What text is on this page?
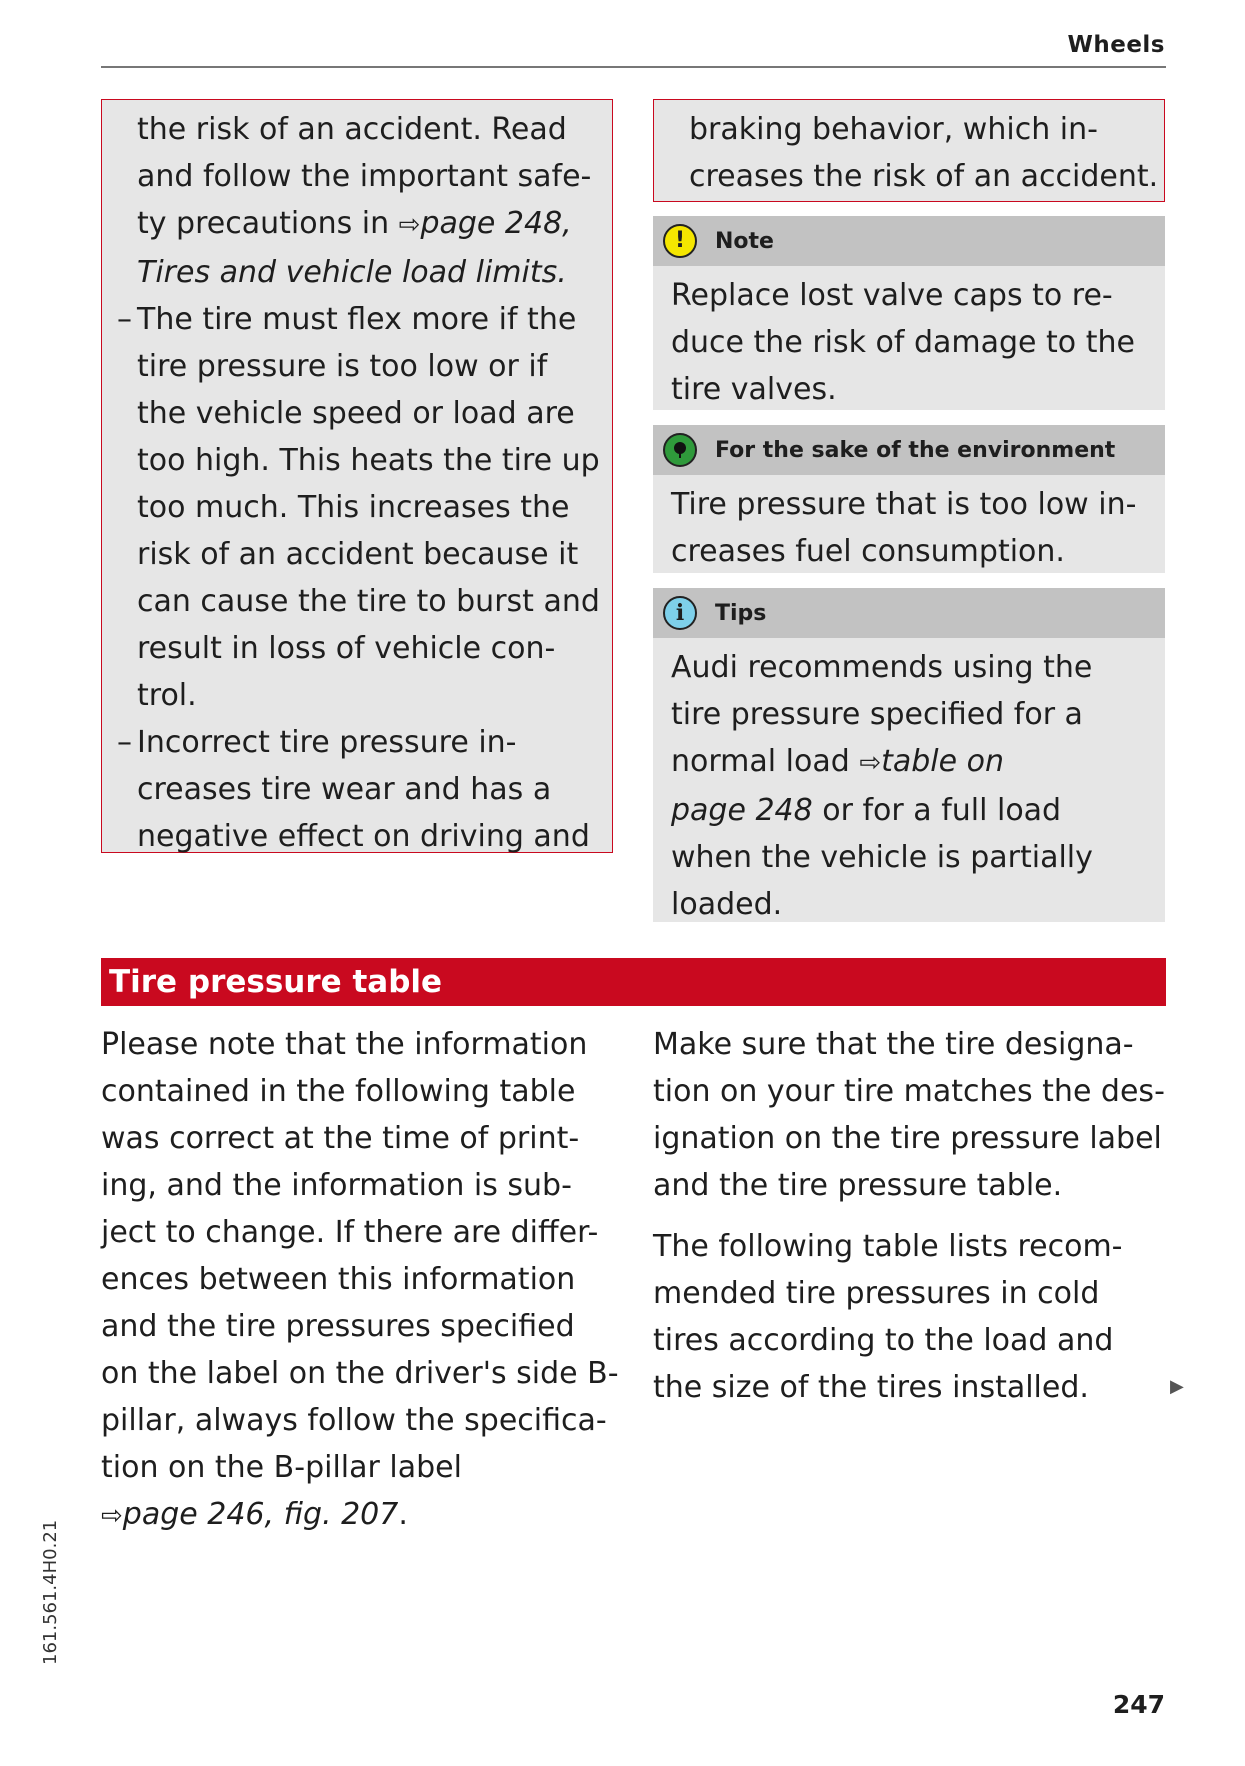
Wheels

the risk of an accident. Read

and follow the important safe-

ty precautions in ⇨page 248,

Tires and vehicle load limits.

– The tire must flex more if the

tire pressure is too low or if

the vehicle speed or load are

too high. This heats the tire up

too much. This increases the

risk of an accident because it

can cause the tire to burst and

result in loss of vehicle con-

trol.

– Incorrect tire pressure in-

creases tire wear and has a

negative effect on driving and

braking behavior, which in-

creases the risk of an accident.

!	Note
Replace lost valve caps to re-
duce the risk of damage to the
tire valves.
For the sake of the environment
Tire pressure that is too low in-
creases fuel consumption.
i	Tips
Audi recommends using the
tire pressure specified for a
normal load ⇨table on
page 248 or for a full load
when the vehicle is partially
loaded.
Tire pressure table

Please note that the information

contained in the following table

was correct at the time of print-

ing, and the information is sub-

ject to change. If there are differ-

ences between this information

and the tire pressures specified

on the label on the driver's side B-

pillar, always follow the specifica-

tion on the B-pillar label

⇨page 246, fig. 207.

Make sure that the tire designa-

tion on your tire matches the des-

ignation on the tire pressure label

and the tire pressure table.

The following table lists recom-

mended tire pressures in cold

tires according to the load and

the size of the tires installed.	▶
161.561.4H0.21
247
